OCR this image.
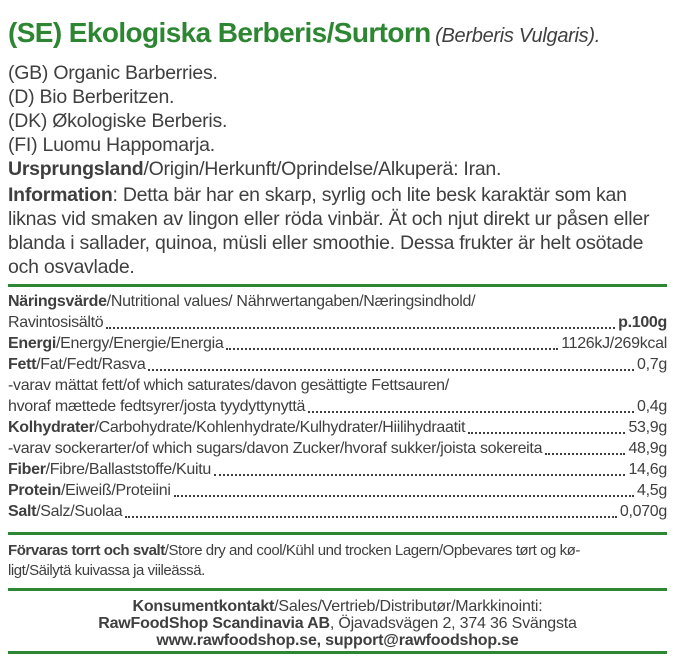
(SE) Ekologiska Berberis/Surtorn (Berberis Vulgaris).
(GB) Organic Barberries.
(D) Bio Berberitzen.
(DK) Økologiske Berberis.
(FI) Luomu Happomarja.
Ursprungsland/Origin/Herkunft/Oprindelse/Alkuperä: Iran.
Information: Detta bär har en skarp, syrlig och lite besk karaktär som kan liknas vid smaken av lingon eller röda vinbär. Ät och njut direkt ur påsen eller blanda i sallader, quinoa, müsli eller smoothie. Dessa frukter är helt osötade och osvavlade.
Näringsvärde/Nutritional values/ Nährwertangaben/Næringsindhold/
Ravintosisältö	p.100g
Energi/Energy/Energie/Energia	1126kJ/269kcal
Fett/Fat/Fedt/Rasva	0,7g
-varav mättat fett/of which saturates/davon gesättigte Fettsauren/
hvoraf mættede fedtsyrer/josta tyydyttynyttä	0,4g
Kolhydrater/Carbohydrate/Kohlenhydrate/Kulhydrater/Hiilihydraatit	53,9g
-varav sockerarter/of which sugars/davon Zucker/hvoraf sukker/joista sokereita	48,9g
Fiber/Fibre/Ballaststoffe/Kuitu	14,6g
Protein/Eiweiß/Proteiini	4,5g
Salt/Salz/Suolaa	0,070g
Förvaras torrt och svalt/Store dry and cool/Kühl und trocken Lagern/Opbevares tørt og kø-
ligt/Säilytä kuivassa ja viileässä.
Konsumentkontakt/Sales/Vertrieb/Distributør/Markkinointi:
RawFoodShop Scandinavia AB, Öjavadsvägen 2, 374 36 Svängsta
www.rawfoodshop.se, support@rawfoodshop.se
